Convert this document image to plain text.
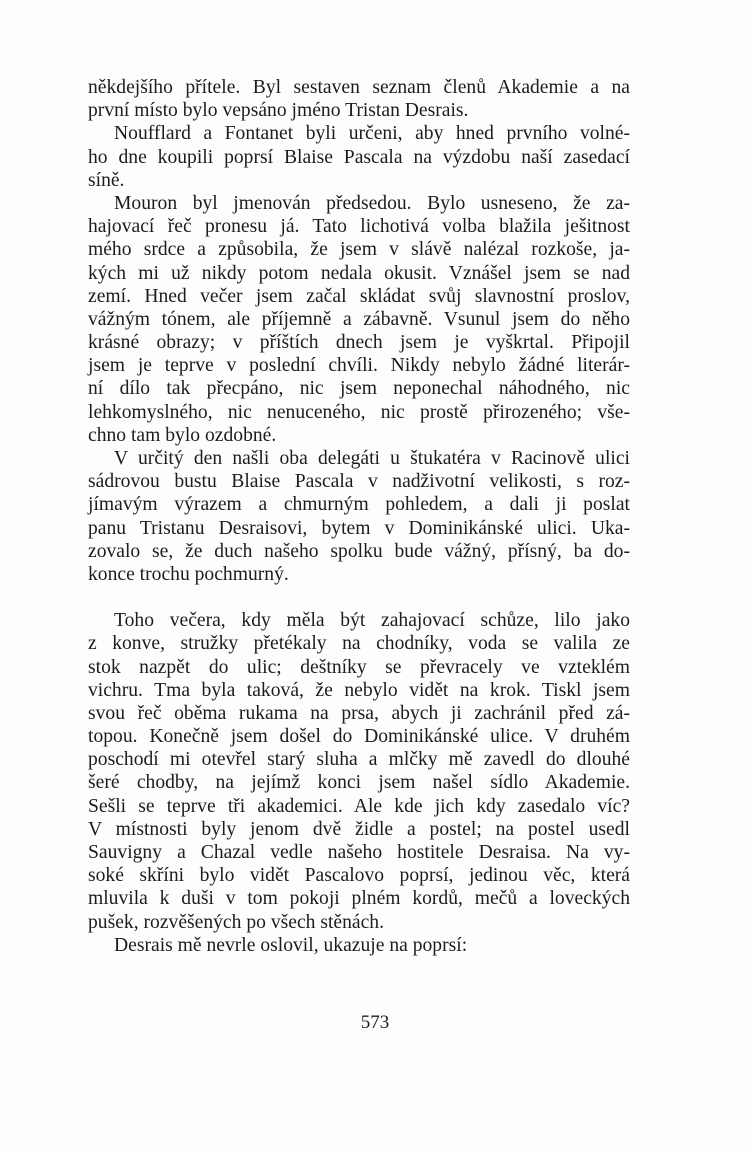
někdejšího přítele. Byl sestaven seznam členů Akademie a na
první místo bylo vepsáno jméno Tristan Desrais.
Noufflard a Fontanet byli určeni, aby hned prvního volné-
ho dne koupili poprsí Blaise Pascala na výzdobu naší zasedací
síně.
Mouron byl jmenován předsedou. Bylo usneseno, že za-
hajovací řeč pronesu já. Tato lichotivá volba blažila ješitnost
mého srdce a způsobila, že jsem v slávě nalézal rozkoše, ja-
kých mi už nikdy potom nedala okusit. Vznášel jsem se nad
zemí. Hned večer jsem začal skládat svůj slavnostní proslov,
vážným tónem, ale příjemně a zábavně. Vsunul jsem do něho
krásné obrazy; v příštích dnech jsem je vyškrtal. Připojil
jsem je teprve v poslední chvíli. Nikdy nebylo žádné literár-
ní dílo tak přecpáno, nic jsem neponechal náhodného, nic
lehkomyslného, nic nenuceného, nic prostě přirozeného; vše-
chno tam bylo ozdobné.
V určitý den našli oba delegáti u štukatéra v Racinově ulici
sádrovou bustu Blaise Pascala v nadživotní velikosti, s roz-
jímavým výrazem a chmurným pohledem, a dali ji poslat
panu Tristanu Desraisovi, bytem v Dominikánské ulici. Uka-
zovalo se, že duch našeho spolku bude vážný, přísný, ba do-
konce trochu pochmurný.
Toho večera, kdy měla být zahajovací schůze, lilo jako
z konve, stružky přetékaly na chodníky, voda se valila ze
stok nazpět do ulic; deštníky se převracely ve vzteklém
vichru. Tma byla taková, že nebylo vidět na krok. Tiskl jsem
svou řeč oběma rukama na prsa, abych ji zachránil před zá-
topou. Konečně jsem došel do Dominikánské ulice. V druhém
poschodí mi otevřel starý sluha a mlčky mě zavedl do dlouhé
šeré chodby, na jejímž konci jsem našel sídlo Akademie.
Sešli se teprve tři akademici. Ale kde jich kdy zasedalo víc?
V místnosti byly jenom dvě židle a postel; na postel usedl
Sauvigny a Chazal vedle našeho hostitele Desraisa. Na vy-
soké skříni bylo vidět Pascalovo poprsí, jedinou věc, která
mluvila k duši v tom pokoji plném kordů, mečů a loveckých
pušek, rozvěšených po všech stěnách.
Desrais mě nevrle oslovil, ukazuje na poprsí:
573
